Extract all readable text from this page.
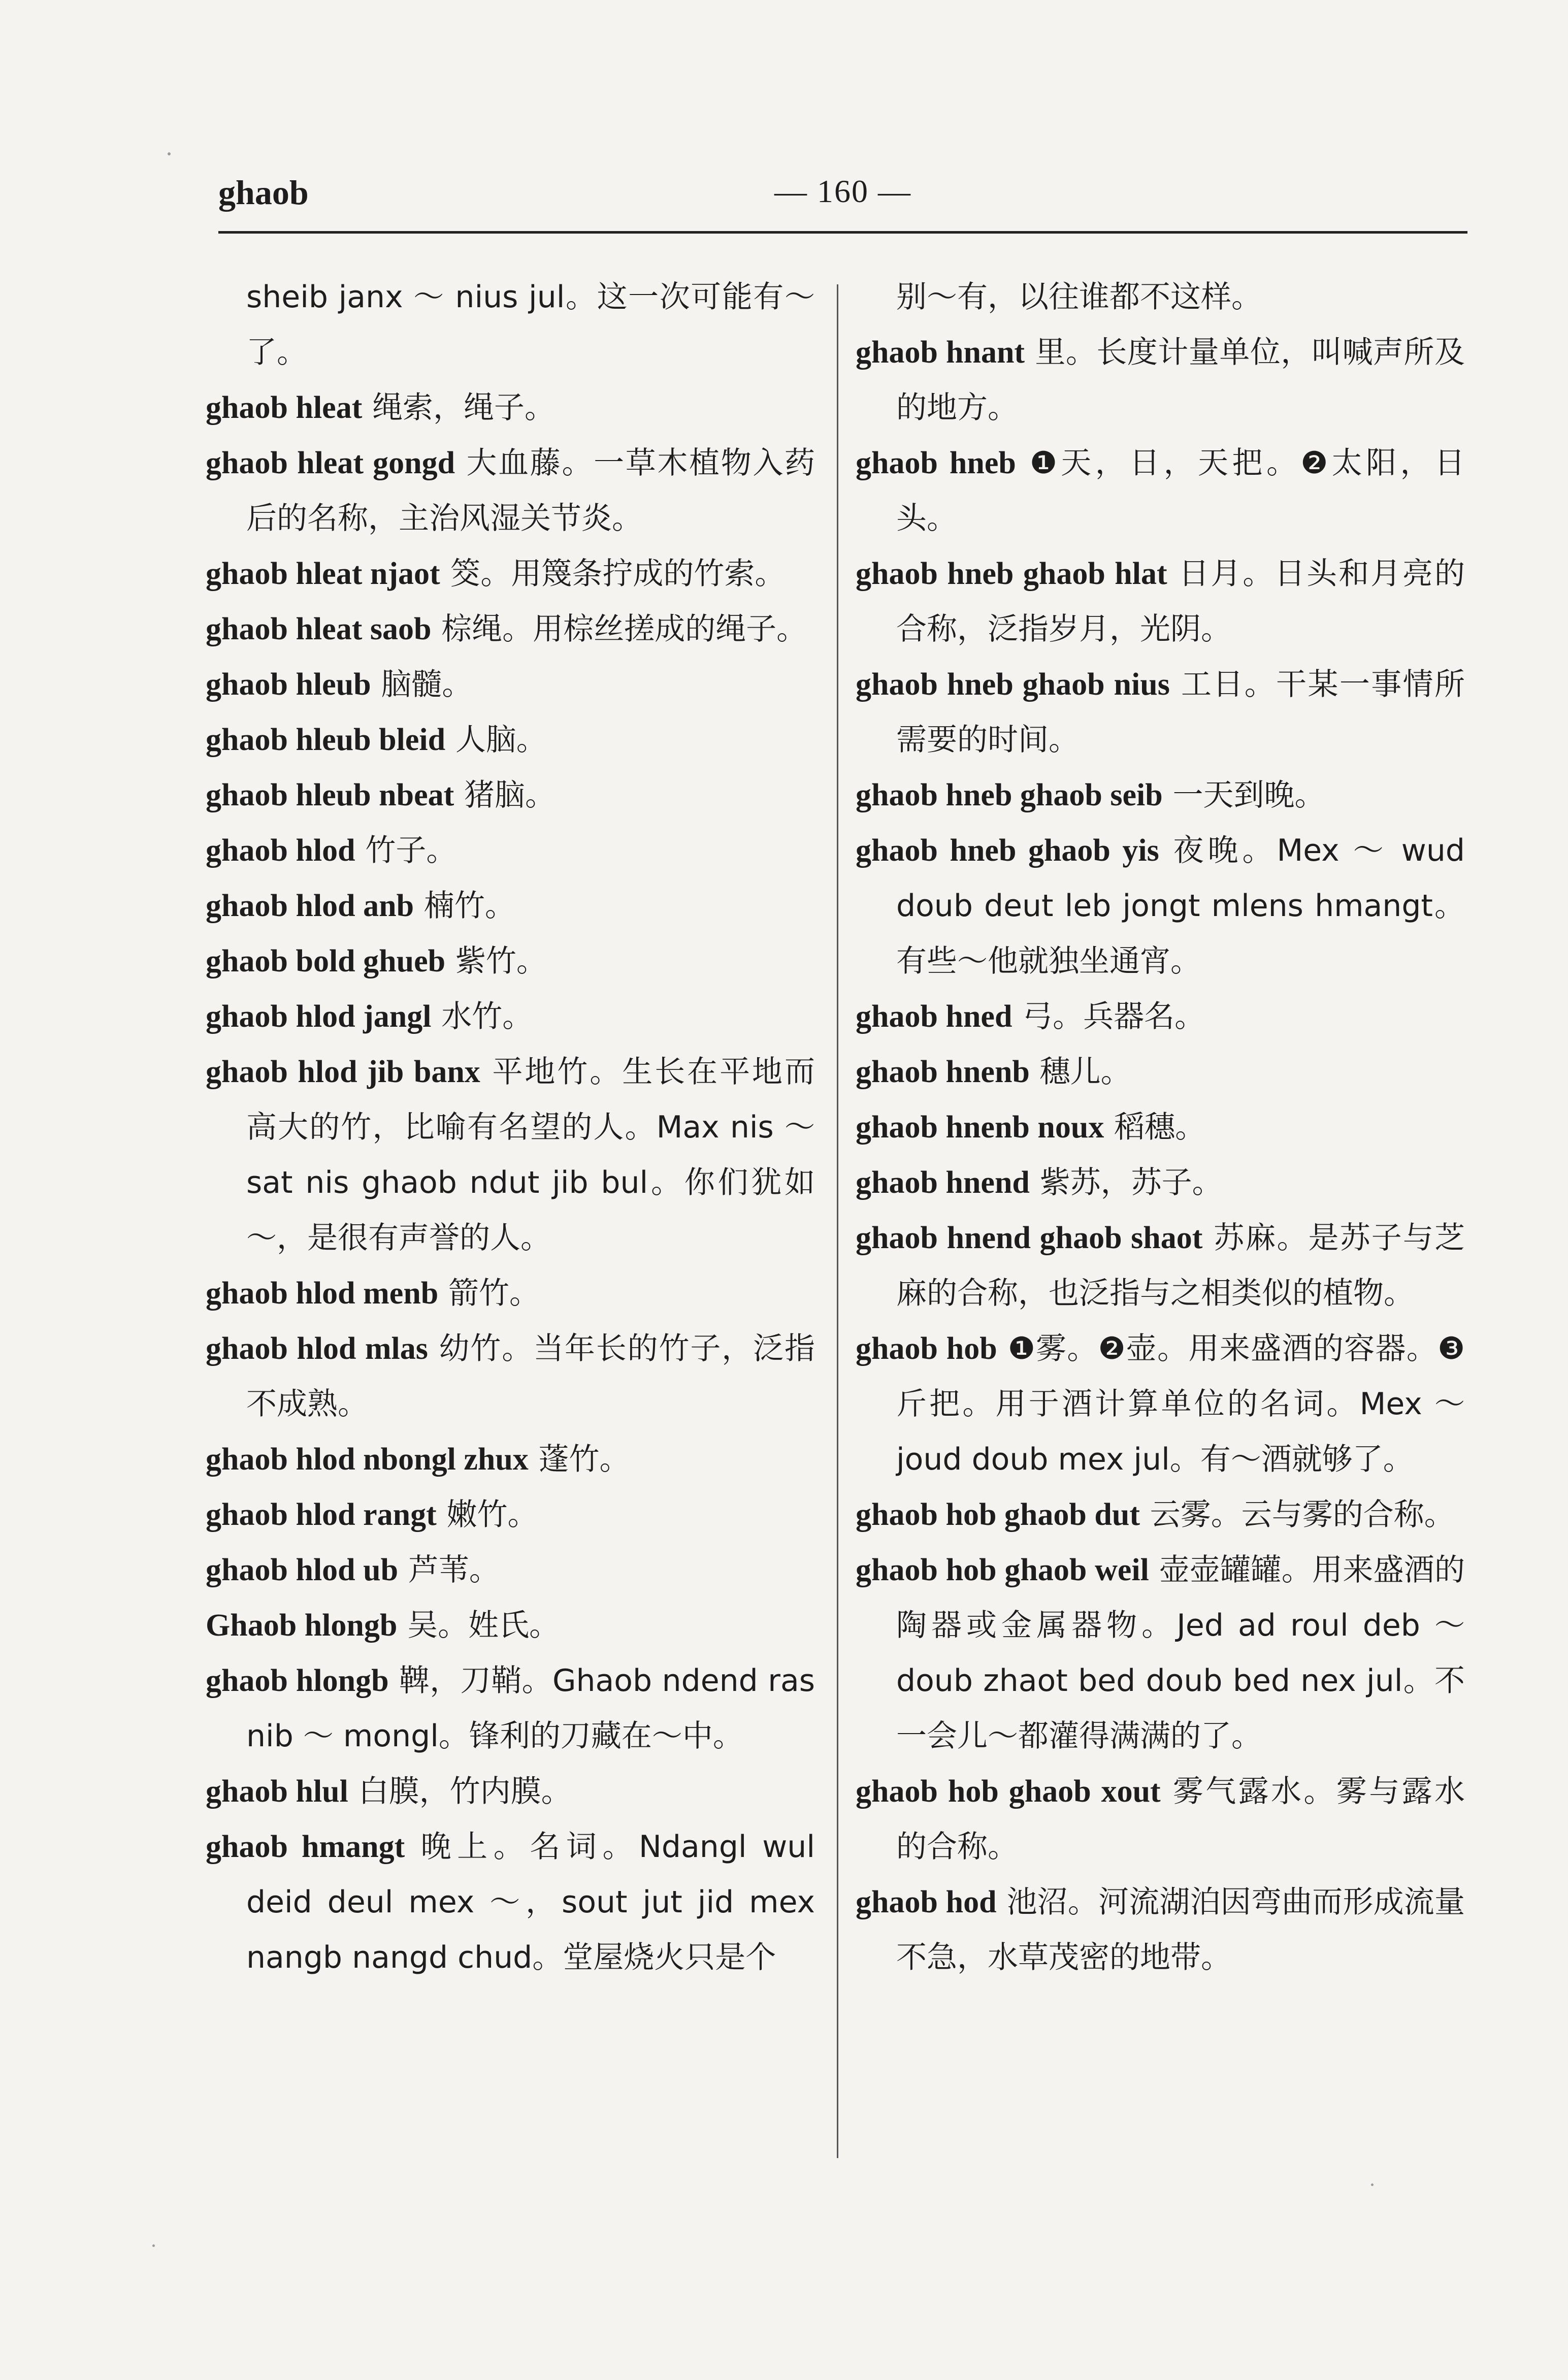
ghaob	— 160 —
sheib janx ～ nius jul。这一次可能有～了。
ghaob hleat 绳索，绳子。
ghaob hleat gongd 大血藤。一草木植物入药后的名称，主治风湿关节炎。
ghaob hleat njaot 筊。用篾条拧成的竹索。
ghaob hleat saob 棕绳。用棕丝搓成的绳子。
ghaob hleub 脑髓。
ghaob hleub bleid 人脑。
ghaob hleub nbeat 猪脑。
ghaob hlod 竹子。
ghaob hlod anb 楠竹。
ghaob bold ghueb 紫竹。
ghaob hlod jangl 水竹。
ghaob hlod jib banx 平地竹。生长在平地而高大的竹，比喻有名望的人。Max nis ～ sat nis ghaob ndut jib bul。你们犹如～，是很有声誉的人。
ghaob hlod menb 箭竹。
ghaob hlod mlas 幼竹。当年长的竹子，泛指不成熟。
ghaob hlod nbongl zhux 蓬竹。
ghaob hlod rangt 嫩竹。
ghaob hlod ub 芦苇。
Ghaob hlongb 吴。姓氏。
ghaob hlongb 鞞，刀鞘。Ghaob ndend ras nib ～ mongl。锋利的刀藏在～中。
ghaob hlul 白膜，竹内膜。
ghaob hmangt 晚上。名词。Ndangl wul deid deul mex ～，sout jut jid mex nangb nangd chud。堂屋烧火只是个
别～有，以往谁都不这样。
ghaob hnant 里。长度计量单位，叫喊声所及的地方。
ghaob hneb ❶天，日，天把。❷太阳，日头。
ghaob hneb ghaob hlat 日月。日头和月亮的合称，泛指岁月，光阴。
ghaob hneb ghaob nius 工日。干某一事情所需要的时间。
ghaob hneb ghaob seib 一天到晚。
ghaob hneb ghaob yis 夜晚。Mex ～ wud doub deut leb jongt mlens hmangt。有些～他就独坐通宵。
ghaob hned 弓。兵器名。
ghaob hnenb 穗儿。
ghaob hnenb noux 稻穗。
ghaob hnend 紫苏，苏子。
ghaob hnend ghaob shaot 苏麻。是苏子与芝麻的合称，也泛指与之相类似的植物。
ghaob hob ❶雾。❷壶。用来盛酒的容器。❸斤把。用于酒计算单位的名词。Mex ～ joud doub mex jul。有～酒就够了。
ghaob hob ghaob dut 云雾。云与雾的合称。
ghaob hob ghaob weil 壶壶罐罐。用来盛酒的陶器或金属器物。Jed ad roul deb ～ doub zhaot bed doub bed nex jul。不一会儿～都灌得满满的了。
ghaob hob ghaob xout 雾气露水。雾与露水的合称。
ghaob hod 池沼。河流湖泊因弯曲而形成流量不急，水草茂密的地带。
